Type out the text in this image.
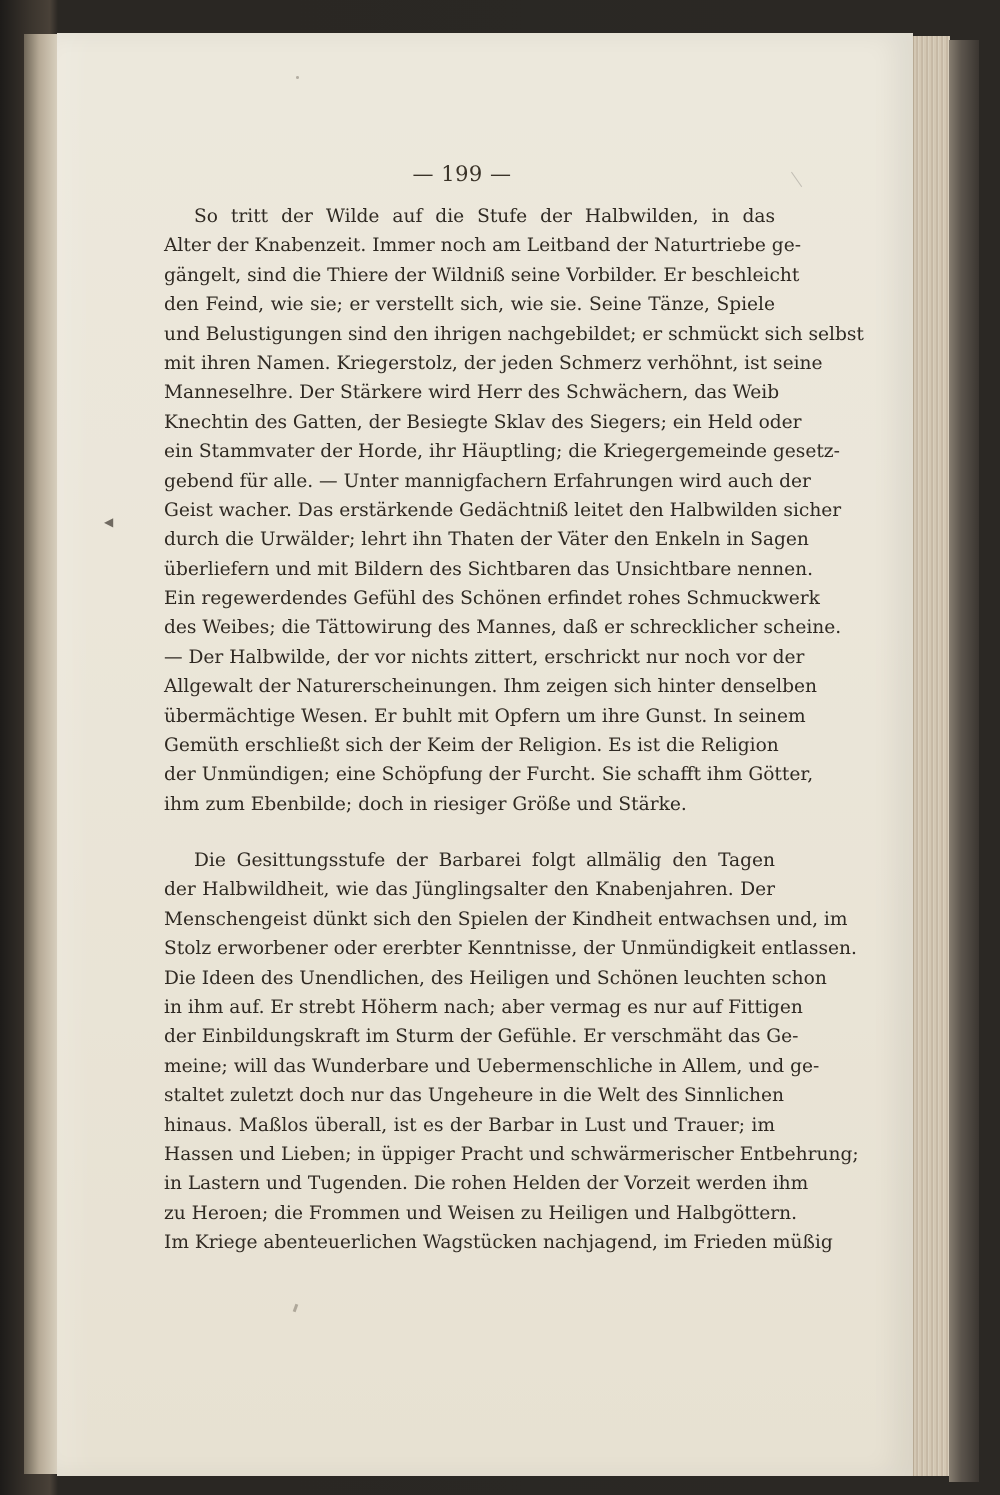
◀
— 199 —
So tritt der Wilde auf die Stufe der Halbwilden, in das
Alter der Knabenzeit. Immer noch am Leitband der Naturtriebe ge-
gängelt, sind die Thiere der Wildniß seine Vorbilder. Er beschleicht
den Feind, wie sie; er verstellt sich, wie sie. Seine Tänze, Spiele
und Belustigungen sind den ihrigen nachgebildet; er schmückt sich selbst
mit ihren Namen. Kriegerstolz, der jeden Schmerz verhöhnt, ist seine
Manneselhre. Der Stärkere wird Herr des Schwächern, das Weib
Knechtin des Gatten, der Besiegte Sklav des Siegers; ein Held oder
ein Stammvater der Horde, ihr Häuptling; die Kriegergemeinde gesetz-
gebend für alle. — Unter mannigfachern Erfahrungen wird auch der
Geist wacher. Das erstärkende Gedächtniß leitet den Halbwilden sicher
durch die Urwälder; lehrt ihn Thaten der Väter den Enkeln in Sagen
überliefern und mit Bildern des Sichtbaren das Unsichtbare nennen.
Ein regewerdendes Gefühl des Schönen erfindet rohes Schmuckwerk
des Weibes; die Tättowirung des Mannes, daß er schrecklicher scheine.
— Der Halbwilde, der vor nichts zittert, erschrickt nur noch vor der
Allgewalt der Naturerscheinungen. Ihm zeigen sich hinter denselben
übermächtige Wesen. Er buhlt mit Opfern um ihre Gunst. In seinem
Gemüth erschließt sich der Keim der Religion. Es ist die Religion
der Unmündigen; eine Schöpfung der Furcht. Sie schafft ihm Götter,
ihm zum Ebenbilde; doch in riesiger Größe und Stärke.
Die Gesittungsstufe der Barbarei folgt allmälig den Tagen
der Halbwildheit, wie das Jünglingsalter den Knabenjahren. Der
Menschengeist dünkt sich den Spielen der Kindheit entwachsen und, im
Stolz erworbener oder ererbter Kenntnisse, der Unmündigkeit entlassen.
Die Ideen des Unendlichen, des Heiligen und Schönen leuchten schon
in ihm auf. Er strebt Höherm nach; aber vermag es nur auf Fittigen
der Einbildungskraft im Sturm der Gefühle. Er verschmäht das Ge-
meine; will das Wunderbare und Uebermenschliche in Allem, und ge-
staltet zuletzt doch nur das Ungeheure in die Welt des Sinnlichen
hinaus. Maßlos überall, ist es der Barbar in Lust und Trauer; im
Hassen und Lieben; in üppiger Pracht und schwärmerischer Entbehrung;
in Lastern und Tugenden. Die rohen Helden der Vorzeit werden ihm
zu Heroen; die Frommen und Weisen zu Heiligen und Halbgöttern.
Im Kriege abenteuerlichen Wagstücken nachjagend, im Frieden müßig
